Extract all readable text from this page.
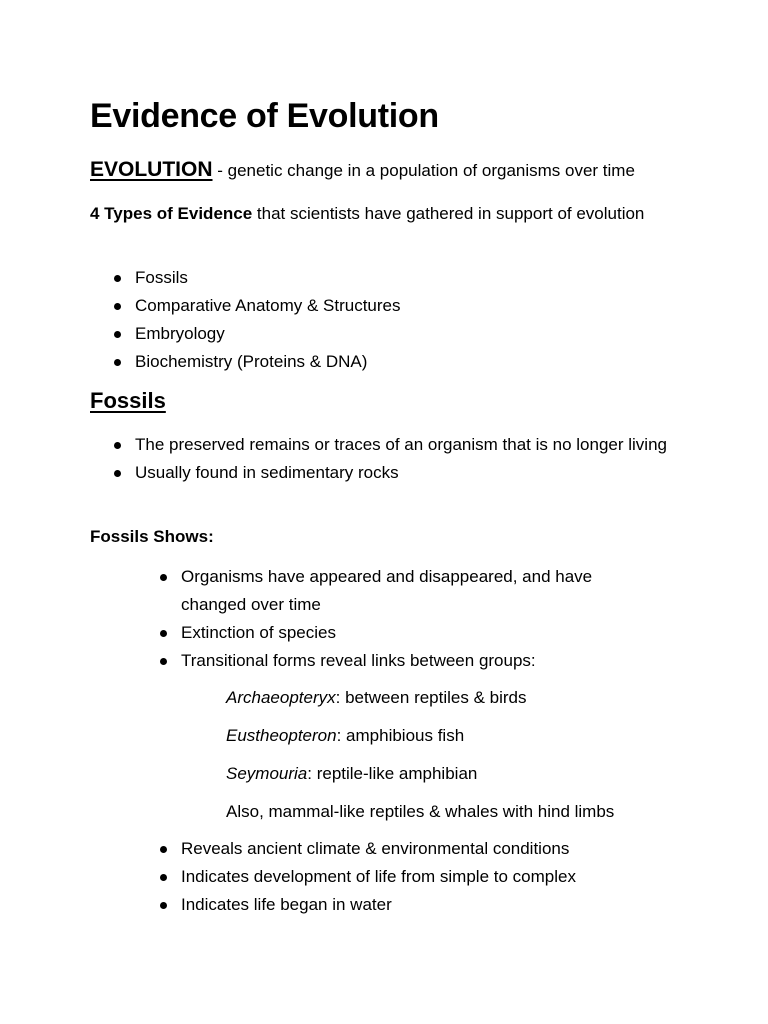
Evidence of Evolution
EVOLUTION - genetic change in a population of organisms over time
4 Types of Evidence that scientists have gathered in support of evolution
Fossils
Comparative Anatomy & Structures
Embryology
Biochemistry (Proteins & DNA)
Fossils
The preserved remains or traces of an organism that is no longer living
Usually found in sedimentary rocks
Fossils Shows:
Organisms have appeared and disappeared, and have changed over time
Extinction of species
Transitional forms reveal links between groups:

Archaeopteryx: between reptiles & birds

Eustheopteron: amphibious fish

Seymouria: reptile-like amphibian

Also, mammal-like reptiles & whales with hind limbs

Reveals ancient climate & environmental conditions
Indicates development of life from simple to complex
Indicates life began in water
